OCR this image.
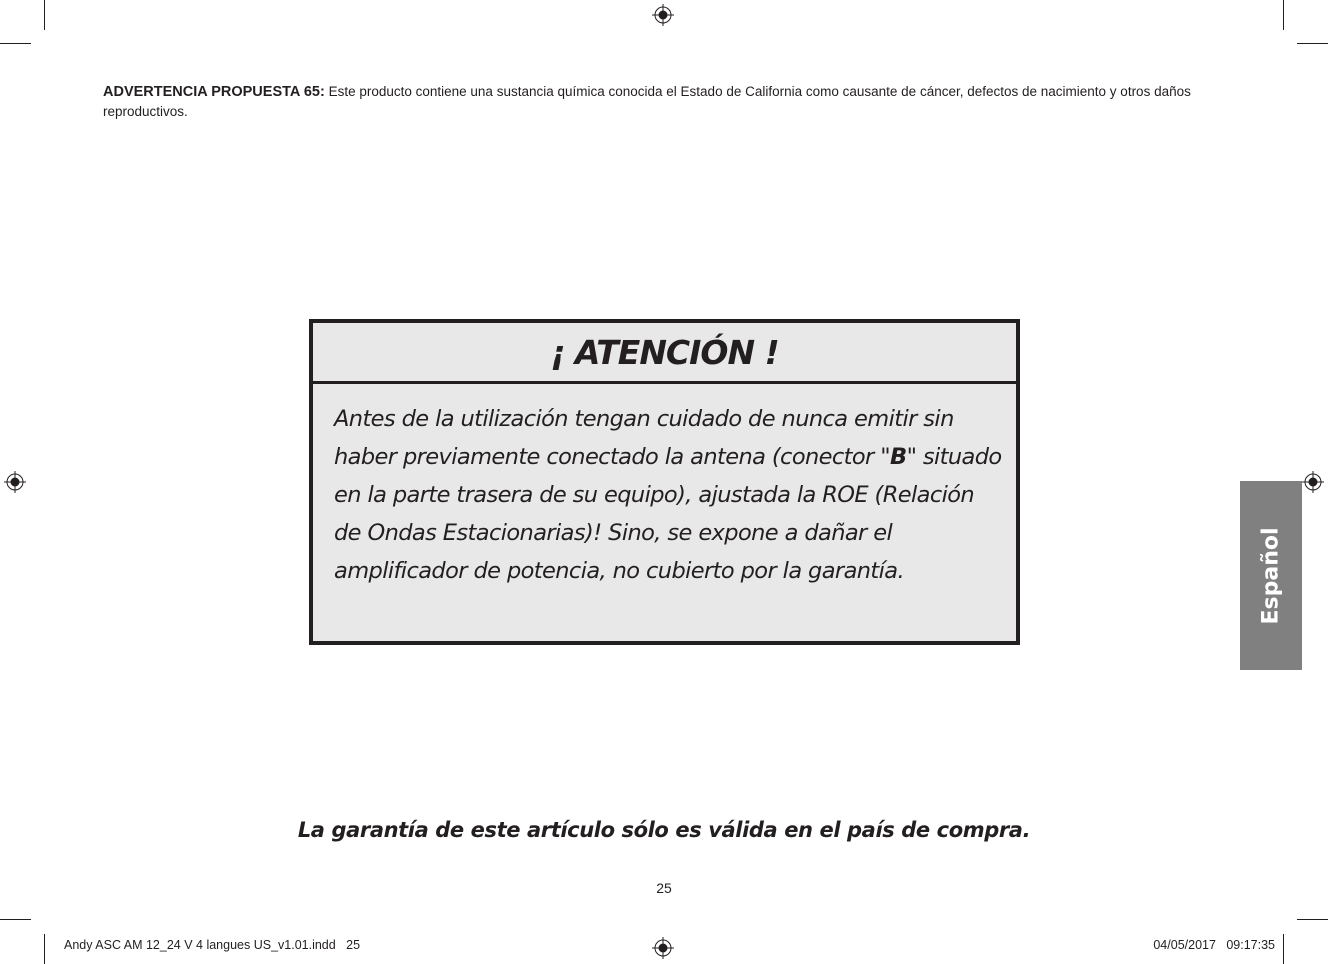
ADVERTENCIA PROPUESTA 65: Este producto contiene una sustancia química conocida el Estado de California como causante de cáncer, defectos de nacimiento y otros daños reproductivos.
¡ ATENCIÓN !
Antes de la utilización tengan cuidado de nunca emitir sin haber previamente conectado la antena (conector "B" situado en la parte trasera de su equipo), ajustada la ROE (Relación de Ondas Estacionarias)! Sino, se expone a dañar el amplificador de potencia, no cubierto por la garantía.
La garantía de este artículo sólo es válida en el país de compra.
25
Español
Andy ASC AM 12_24 V 4 langues US_v1.01.indd   25	04/05/2017   09:17:35
